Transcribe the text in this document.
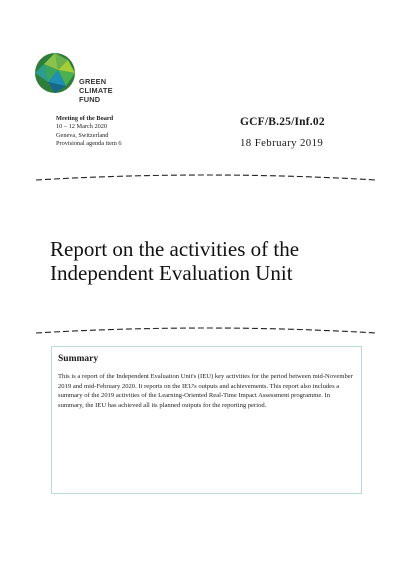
GREEN
CLIMATE
FUND
Meeting of the Board
10 – 12 March 2020
Geneva, Switzerland
Provisional agenda item 6
GCF/B.25/Inf.02
18 February 2019
Report on the activities of the
Independent Evaluation Unit
Summary
This is a report of the Independent Evaluation Unit's (IEU) key activities for the period between mid-November 2019 and mid-February 2020. It reports on the IEU's outputs and achievements. This report also includes a summary of the 2019 activities of the Learning-Oriented Real-Time Impact Assessment programme. In summary, the IEU has achieved all its planned outputs for the reporting period.
